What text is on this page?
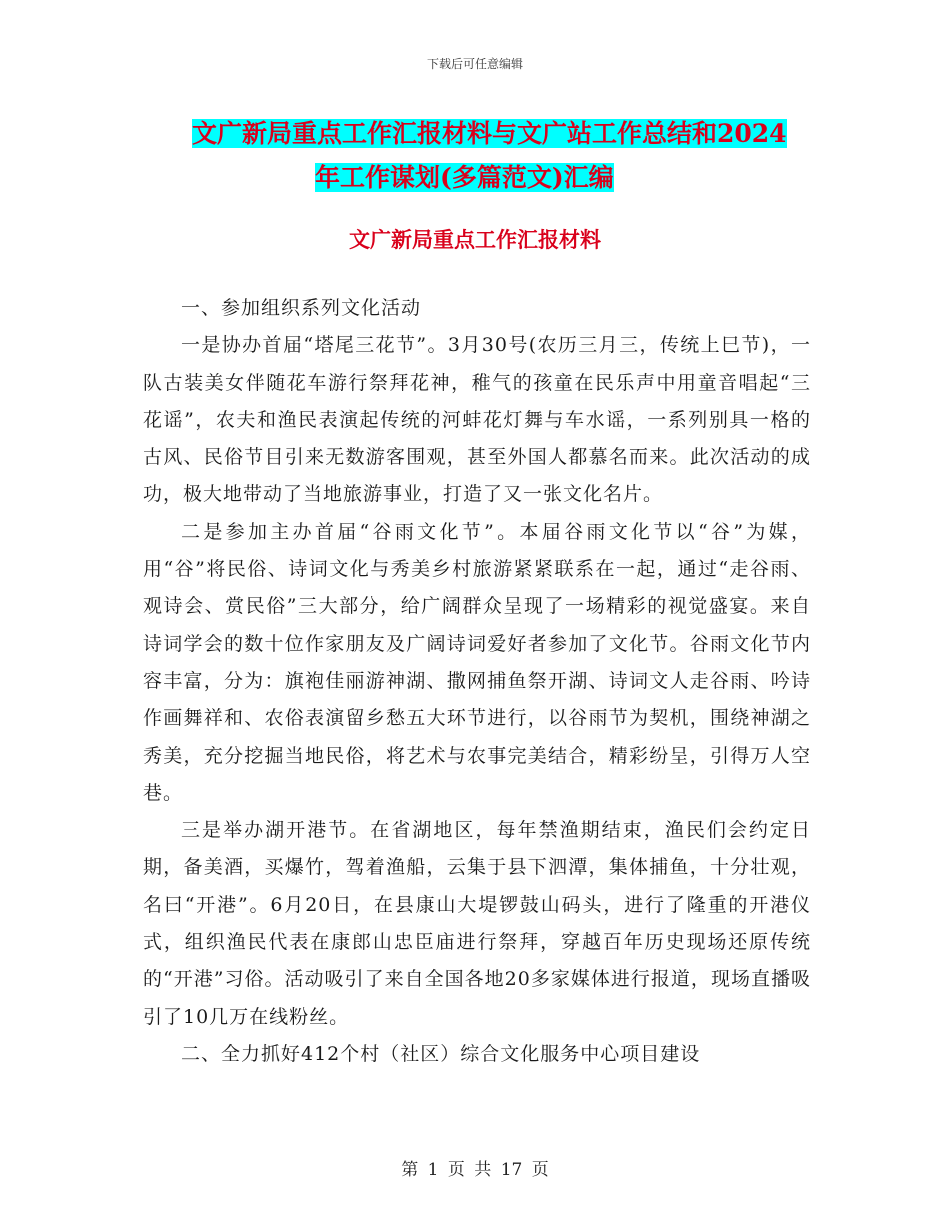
下载后可任意编辑
文广新局重点工作汇报材料与文广站工作总结和2024
年工作谋划(多篇范文)汇编
文广新局重点工作汇报材料

一、参加组织系列文化活动

一是协办首届“塔尾三花节”。3月30号(农历三月三，传统上巳节)，一队古装美女伴随花车游行祭拜花神，稚气的孩童在民乐声中用童音唱起“三花谣”，农夫和渔民表演起传统的河蚌花灯舞与车水谣，一系列别具一格的古风、民俗节目引来无数游客围观，甚至外国人都慕名而来。此次活动的成功，极大地带动了当地旅游事业，打造了又一张文化名片。

二是参加主办首届“谷雨文化节”。本届谷雨文化节以“谷”为媒，用“谷”将民俗、诗词文化与秀美乡村旅游紧紧联系在一起，通过“走谷雨、观诗会、赏民俗”三大部分，给广阔群众呈现了一场精彩的视觉盛宴。来自诗词学会的数十位作家朋友及广阔诗词爱好者参加了文化节。谷雨文化节内容丰富，分为：旗袍佳丽游神湖、撒网捕鱼祭开湖、诗词文人走谷雨、吟诗作画舞祥和、农俗表演留乡愁五大环节进行，以谷雨节为契机，围绕神湖之秀美，充分挖掘当地民俗，将艺术与农事完美结合，精彩纷呈，引得万人空巷。

三是举办湖开港节。在省湖地区，每年禁渔期结束，渔民们会约定日期，备美酒，买爆竹，驾着渔船，云集于县下泗潭，集体捕鱼，十分壮观，名曰“开港”。6月20日，在县康山大堤锣鼓山码头，进行了隆重的开港仪式，组织渔民代表在康郎山忠臣庙进行祭拜，穿越百年历史现场还原传统的“开港”习俗。活动吸引了来自全国各地20多家媒体进行报道，现场直播吸引了10几万在线粉丝。

二、全力抓好412个村（社区）综合文化服务中心项目建设

第 1 页 共 17 页
